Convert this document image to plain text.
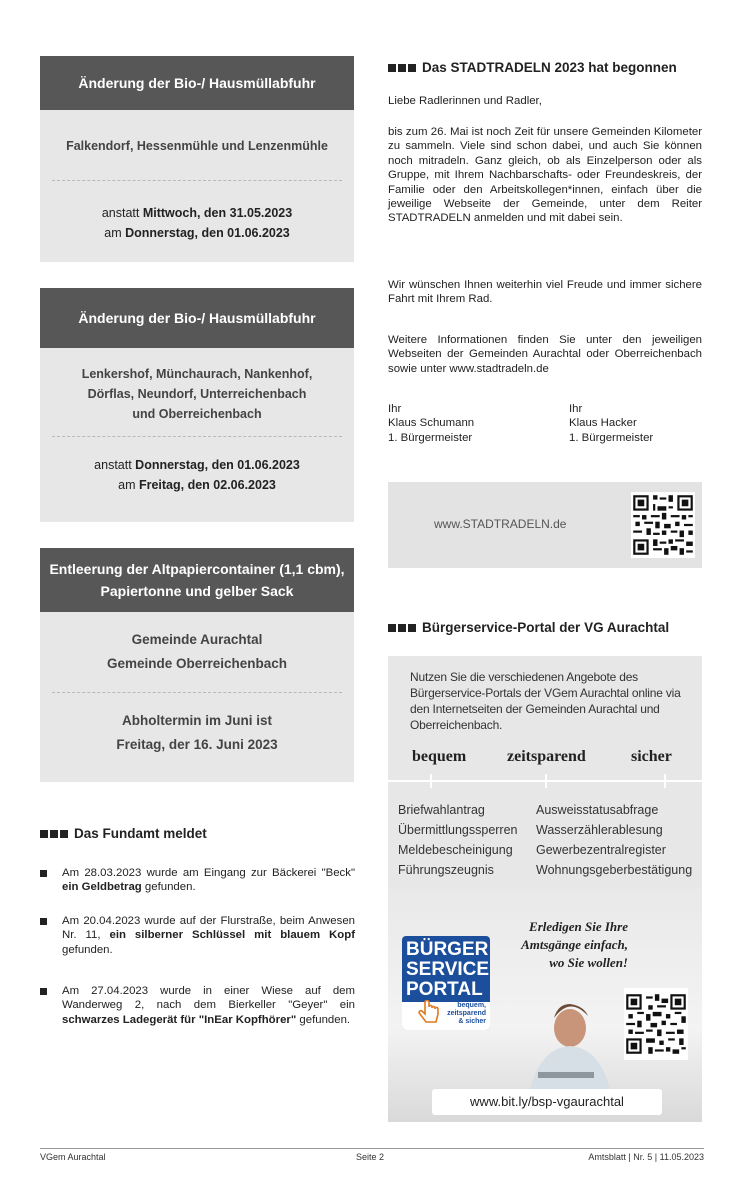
Änderung der Bio-/ Hausmüllabfuhr
Falkendorf, Hessenmühle und Lenzenmühle
anstatt Mittwoch, den 31.05.2023
am Donnerstag, den 01.06.2023
Änderung der Bio-/ Hausmüllabfuhr
Lenkershof, Münchaurach, Nankenhof,
Dörflas, Neundorf, Unterreichenbach
und Oberreichenbach
anstatt Donnerstag, den 01.06.2023
am Freitag, den 02.06.2023
Entleerung der Altpapiercontainer (1,1 cbm),
Papiertonne und gelber Sack
Gemeinde Aurachtal
Gemeinde Oberreichenbach
Abholtermin im Juni ist
Freitag, der 16. Juni 2023
Das Fundamt meldet
Am 28.03.2023 wurde am Eingang zur Bäckerei "Beck" ein Geldbetrag gefunden.
Am 20.04.2023 wurde auf der Flurstraße, beim Anwesen Nr. 11, ein silberner Schlüssel mit blauem Kopf gefunden.
Am 27.04.2023 wurde in einer Wiese auf dem Wanderweg 2, nach dem Bierkeller "Geyer" ein schwarzes Ladegerät für "InEar Kopfhörer" gefunden.
Das STADTRADELN 2023 hat begonnen
Liebe Radlerinnen und Radler,
bis zum 26. Mai ist noch Zeit für unsere Gemeinden Kilometer zu sammeln. Viele sind schon dabei, und auch Sie können noch mitradeln. Ganz gleich, ob als Einzelperson oder als Gruppe, mit Ihrem Nachbarschafts- oder Freundeskreis, der Familie oder den Arbeitskollegen*innen, einfach über die jeweilige Webseite der Gemeinde, unter dem Reiter STADTRADELN anmelden und mit dabei sein.
Wir wünschen Ihnen weiterhin viel Freude und immer sichere Fahrt mit Ihrem Rad.
Weitere Informationen finden Sie unter den jeweiligen Webseiten der Gemeinden Aurachtal oder Oberreichenbach sowie unter www.stadtradeln.de
Ihr
Klaus Schumann
1. Bürgermeister
Ihr
Klaus Hacker
1. Bürgermeister
www.STADTRADELN.de
Bürgerservice-Portal der VG Aurachtal
Nutzen Sie die verschiedenen Angebote des Bürgerservice-Portals der VGem Aurachtal online via den Internetseiten der Gemeinden Aurachtal und Oberreichenbach.
bequem	zeitsparend	sicher
Briefwahlantrag
Übermittlungssperren
Meldebescheinigung
Führungszeugnis
Ausweisstatusabfrage
Wasserzählerablesung
Gewerbezentralregister
Wohnungsgeberbestätigung
Erledigen Sie Ihre
Amtsgänge einfach,
wo Sie wollen!
BÜRGER
SERVICE
PORTAL
bequem,
zeitsparend
& sicher
www.bit.ly/bsp-vgaurachtal
VGem Aurachtal	Seite 2	Amtsblatt | Nr. 5 | 11.05.2023
